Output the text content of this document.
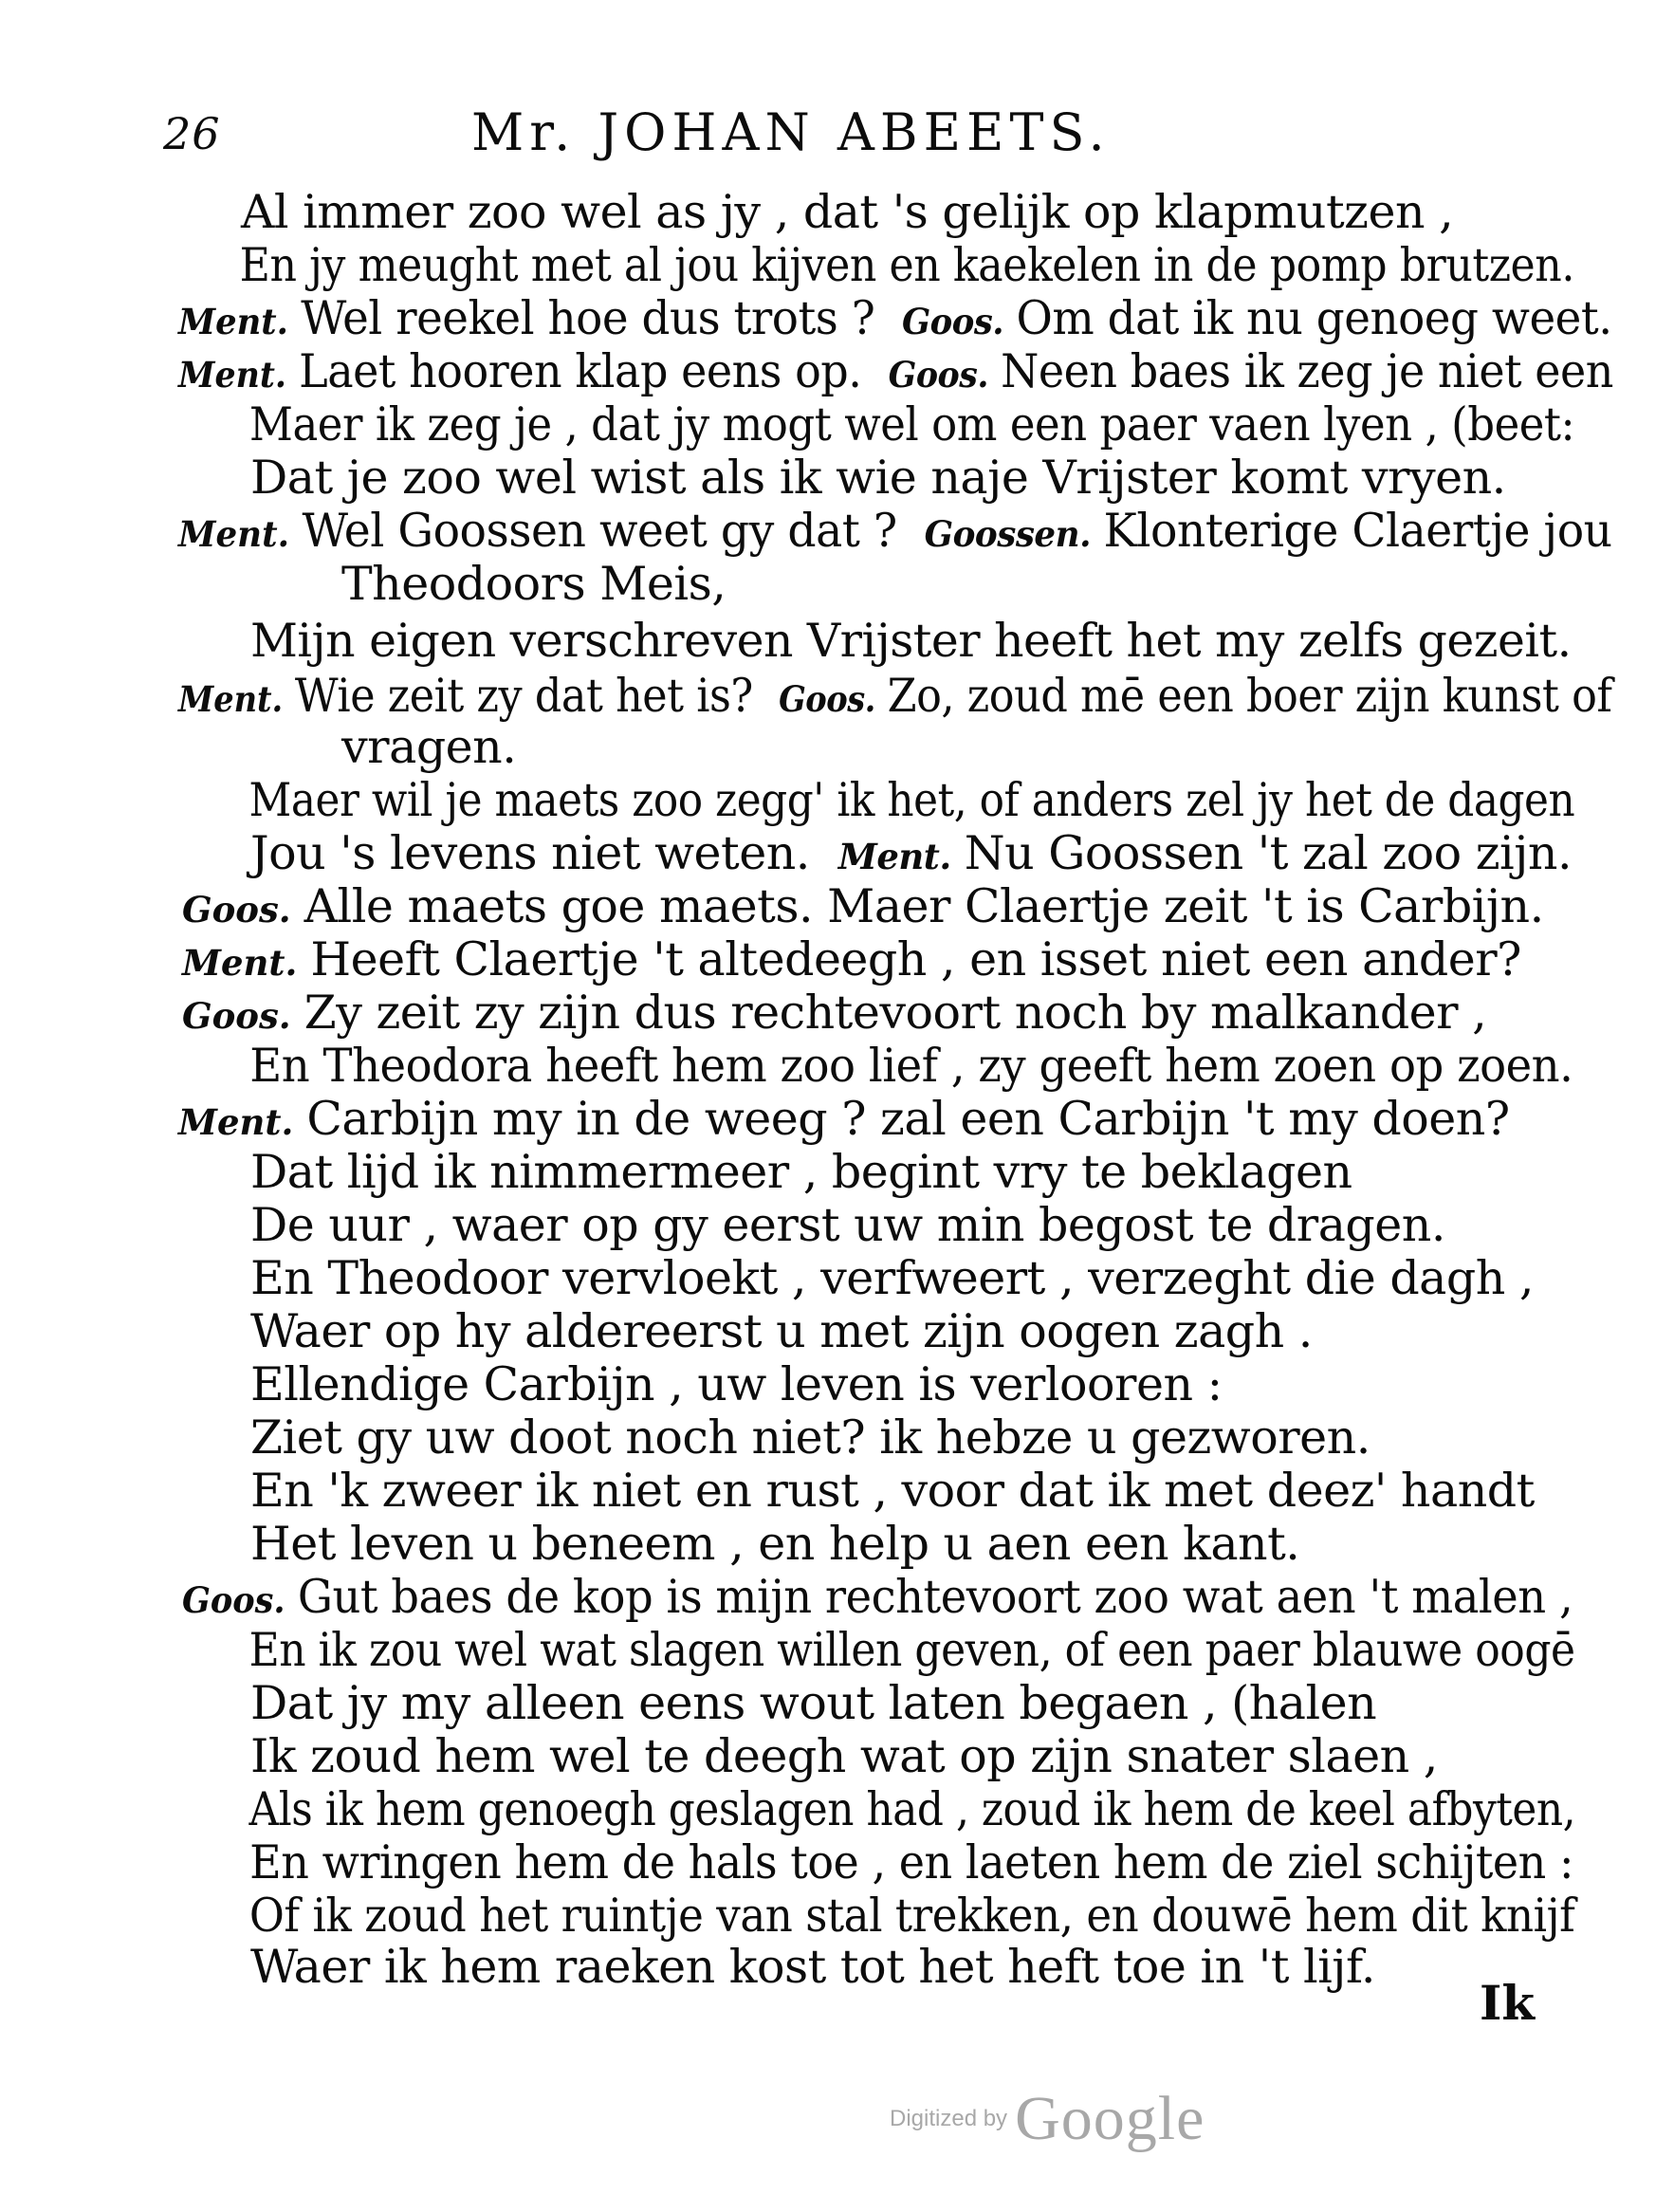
26	Mr. JOHAN ABEETS.
Al immer zoo wel as jy , dat 's gelijk op klapmutzen ,
En jy meught met al jou kijven en kaekelen in de pomp brutzen.
Ment. Wel reekel hoe dus trots ? Goos. Om dat ik nu genoeg weet.
Ment. Laet hooren klap eens op. Goos. Neen baes ik zeg je niet een
Maer ik zeg je , dat jy mogt wel om een paer vaen lyen , (beet:
Dat je zoo wel wist als ik wie naje Vrijster komt vryen.
Ment. Wel Goossen weet gy dat ? Goossen. Klonterige Claertje jou
Theodoors Meis,
Mijn eigen verschreven Vrijster heeft het my zelfs gezeit.
Ment. Wie zeit zy dat het is? Goos. Zo, zoud mē een boer zijn kunst of
vragen.
Maer wil je maets zoo zegg' ik het, of anders zel jy het de dagen
Jou 's levens niet weten. Ment. Nu Goossen 't zal zoo zijn.
Goos. Alle maets goe maets. Maer Claertje zeit 't is Carbijn.
Ment. Heeft Claertje 't altedeegh , en isset niet een ander?
Goos. Zy zeit zy zijn dus rechtevoort noch by malkander ,
En Theodora heeft hem zoo lief , zy geeft hem zoen op zoen.
Ment. Carbijn my in de weeg ? zal een Carbijn 't my doen?
Dat lijd ik nimmermeer , begint vry te beklagen
De uur , waer op gy eerst uw min begost te dragen.
En Theodoor vervloekt , verfweert , verzeght die dagh ,
Waer op hy aldereerst u met zijn oogen zagh .
Ellendige Carbijn , uw leven is verlooren :
Ziet gy uw doot noch niet? ik hebze u gezworen.
En 'k zweer ik niet en rust , voor dat ik met deez' handt
Het leven u beneem , en help u aen een kant.
Goos. Gut baes de kop is mijn rechtevoort zoo wat aen 't malen ,
En ik zou wel wat slagen willen geven, of een paer blauwe oogē
Dat jy my alleen eens wout laten begaen , (halen
Ik zoud hem wel te deegh wat op zijn snater slaen ,
Als ik hem genoegh geslagen had , zoud ik hem de keel afbyten,
En wringen hem de hals toe , en laeten hem de ziel schijten :
Of ik zoud het ruintje van stal trekken, en douwē hem dit knijf
Waer ik hem raeken kost tot het heft toe in 't lijf.
Ik
Digitized by Google
